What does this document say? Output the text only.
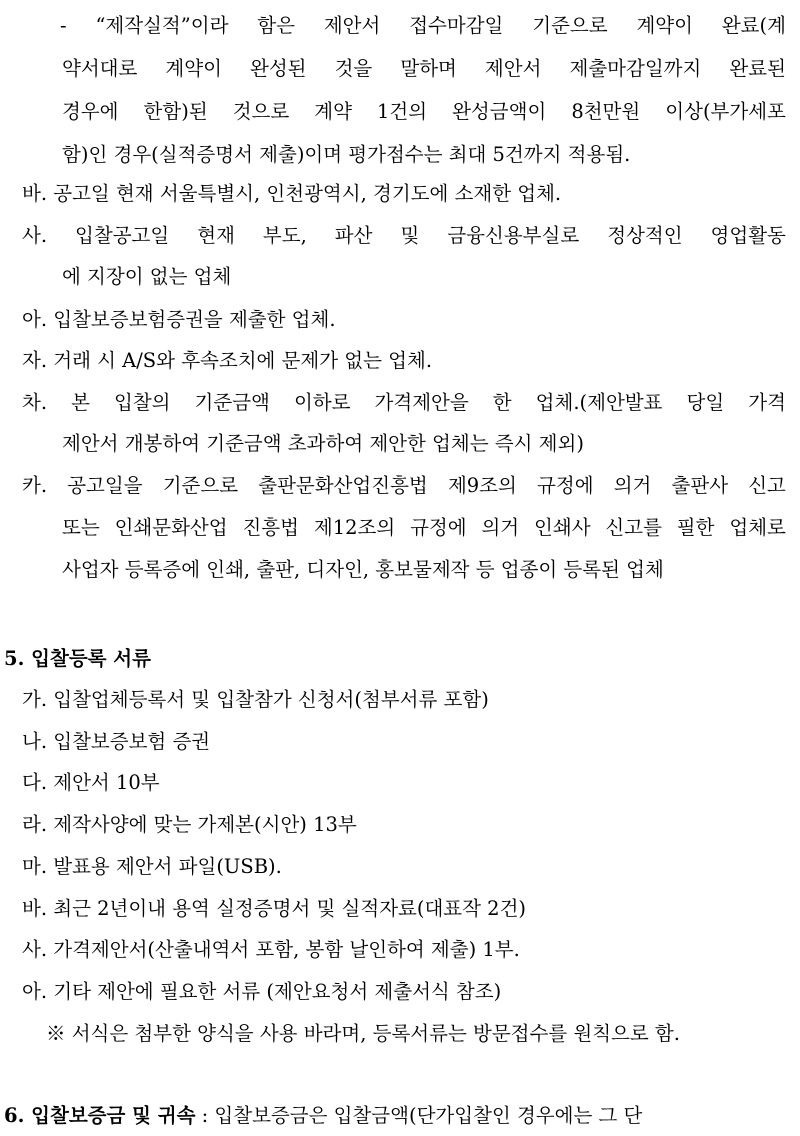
- “제작실적”이라 함은 제안서 접수마감일 기준으로 계약이 완료(계
약서대로 계약이 완성된 것을 말하며 제안서 제출마감일까지 완료된
경우에 한함)된 것으로 계약 1건의 완성금액이 8천만원 이상(부가세포
함)인 경우(실적증명서 제출)이며 평가점수는 최대 5건까지 적용됨.
바. 공고일 현재 서울특별시, 인천광역시, 경기도에 소재한 업체.
사. 입찰공고일 현재 부도, 파산 및 금융신용부실로 정상적인 영업활동
에 지장이 없는 업체
아. 입찰보증보험증권을 제출한 업체.
자. 거래 시 A/S와 후속조치에 문제가 없는 업체.
차. 본 입찰의 기준금액 이하로 가격제안을 한 업체.(제안발표 당일 가격
제안서 개봉하여 기준금액 초과하여 제안한 업체는 즉시 제외)
카. 공고일을 기준으로 출판문화산업진흥법 제9조의 규정에 의거 출판사 신고
또는 인쇄문화산업 진흥법 제12조의 규정에 의거 인쇄사 신고를 필한 업체로
사업자 등록증에 인쇄, 출판, 디자인, 홍보물제작 등 업종이 등록된 업체
5. 입찰등록 서류
가. 입찰업체등록서 및 입찰참가 신청서(첨부서류 포함)
나. 입찰보증보험 증권
다. 제안서 10부
라. 제작사양에 맞는 가제본(시안) 13부
마. 발표용 제안서 파일(USB).
바. 최근 2년이내 용역 실정증명서 및 실적자료(대표작 2건)
사. 가격제안서(산출내역서 포함, 봉함 날인하여 제출) 1부.
아. 기타 제안에 필요한 서류 (제안요청서 제출서식 참조)
※ 서식은 첨부한 양식을 사용 바라며, 등록서류는 방문접수를 원칙으로 함.
6. 입찰보증금 및 귀속 : 입찰보증금은 입찰금액(단가입찰인 경우에는 그 단
